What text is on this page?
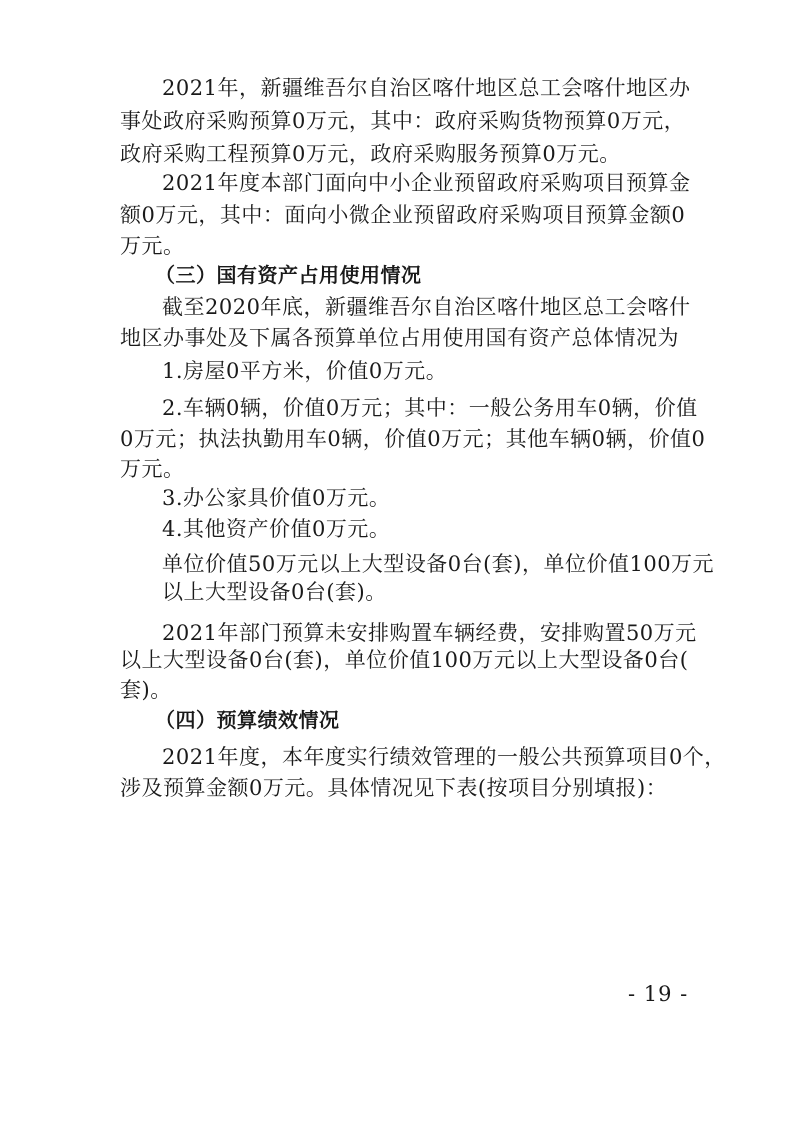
2021年，新疆维吾尔自治区喀什地区总工会喀什地区办
事处政府采购预算0万元，其中：政府采购货物预算0万元，
政府采购工程预算0万元，政府采购服务预算0万元。
2021年度本部门面向中小企业预留政府采购项目预算金
额0万元，其中：面向小微企业预留政府采购项目预算金额0
万元。
（三）国有资产占用使用情况
截至2020年底，新疆维吾尔自治区喀什地区总工会喀什
地区办事处及下属各预算单位占用使用国有资产总体情况为
1.房屋0平方米，价值0万元。
2.车辆0辆，价值0万元；其中：一般公务用车0辆，价值
0万元；执法执勤用车0辆，价值0万元；其他车辆0辆，价值0
万元。
3.办公家具价值0万元。
4.其他资产价值0万元。
单位价值50万元以上大型设备0台(套)，单位价值100万元
以上大型设备0台(套)。
2021年部门预算未安排购置车辆经费，安排购置50万元
以上大型设备0台(套)，单位价值100万元以上大型设备0台(
套)。
（四）预算绩效情况
2021年度，本年度实行绩效管理的一般公共预算项目0个，
涉及预算金额0万元。具体情况见下表(按项目分别填报)：
- 19 -
